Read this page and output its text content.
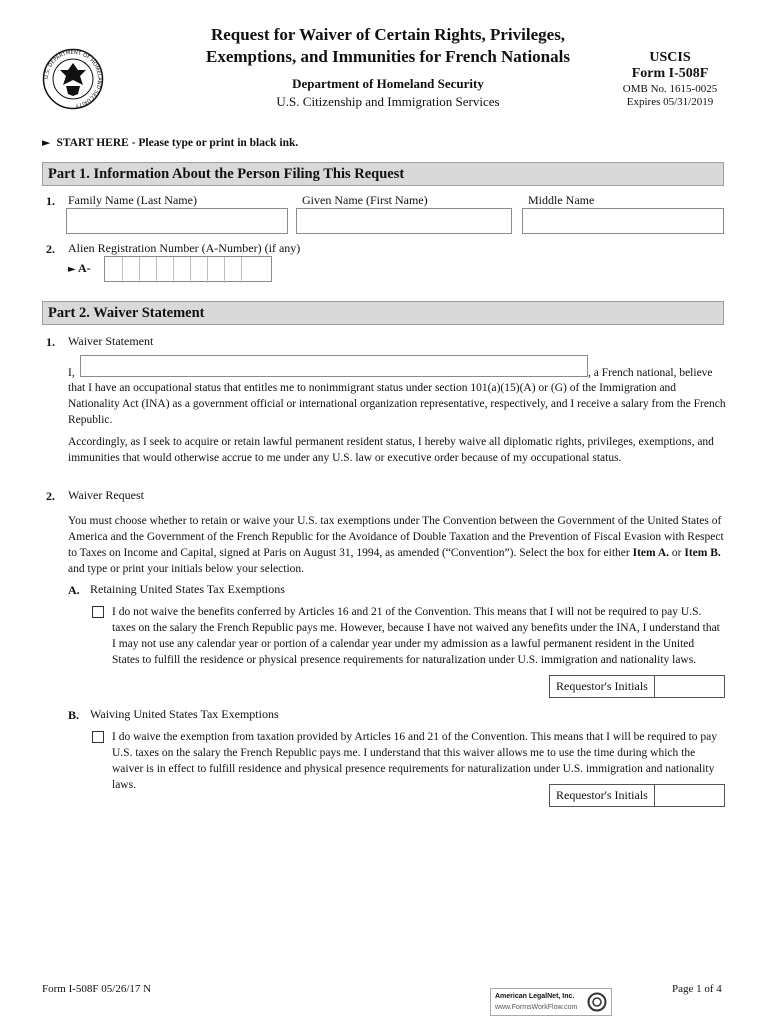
U.S. DEPARTMENT OF HOMELAND SECURITY
Request for Waiver of Certain Rights, Privileges,
Exemptions, and Immunities for French Nationals
Department of Homeland Security
U.S. Citizenship and Immigration Services
USCIS
Form I-508F
OMB No. 1615-0025
Expires 05/31/2019
► START HERE - Please type or print in black ink.
Part 1. Information About the Person Filing This Request
1. Family Name (Last Name)	Given Name (First Name)	Middle Name
2. Alien Registration Number (A-Number) (if any)
► A-
Part 2. Waiver Statement
1. Waiver Statement
I,	, a French national, believe
that I have an occupational status that entitles me to nonimmigrant status under section 101(a)(15)(A) or (G) of the Immigration and Nationality Act (INA) as a government official or international organization representative, respectively, and I receive a salary from the French Republic.
Accordingly, as I seek to acquire or retain lawful permanent resident status, I hereby waive all diplomatic rights, privileges, exemptions, and immunities that would otherwise accrue to me under any U.S. law or executive order because of my occupational status.
2. Waiver Request
You must choose whether to retain or waive your U.S. tax exemptions under The Convention between the Government of the United States of America and the Government of the French Republic for the Avoidance of Double Taxation and the Prevention of Fiscal Evasion with Respect to Taxes on Income and Capital, signed at Paris on August 31, 1994, as amended (“Convention”). Select the box for either Item A. or Item B. and type or print your initials below your selection.
A. Retaining United States Tax Exemptions
I do not waive the benefits conferred by Articles 16 and 21 of the Convention. This means that I will not be required to pay U.S. taxes on the salary the French Republic pays me. However, because I have not waived any benefits under the INA, I understand that I may not use any calendar year or portion of a calendar year under my admission as a lawful permanent resident in the United States to fulfill the residence or physical presence requirements for naturalization under U.S. immigration and nationality laws.
Requestor's Initials
B. Waiving United States Tax Exemptions
I do waive the exemption from taxation provided by Articles 16 and 21 of the Convention. This means that I will be required to pay U.S. taxes on the salary the French Republic pays me. I understand that this waiver allows me to use the time during which the waiver is in effect to fulfill residence and physical presence requirements for naturalization under U.S. immigration and nationality laws.
Requestor's Initials
Form I-508F 05/26/17 N	Page 1 of 4
American LegalNet, Inc.
www.FormsWorkFlow.com
